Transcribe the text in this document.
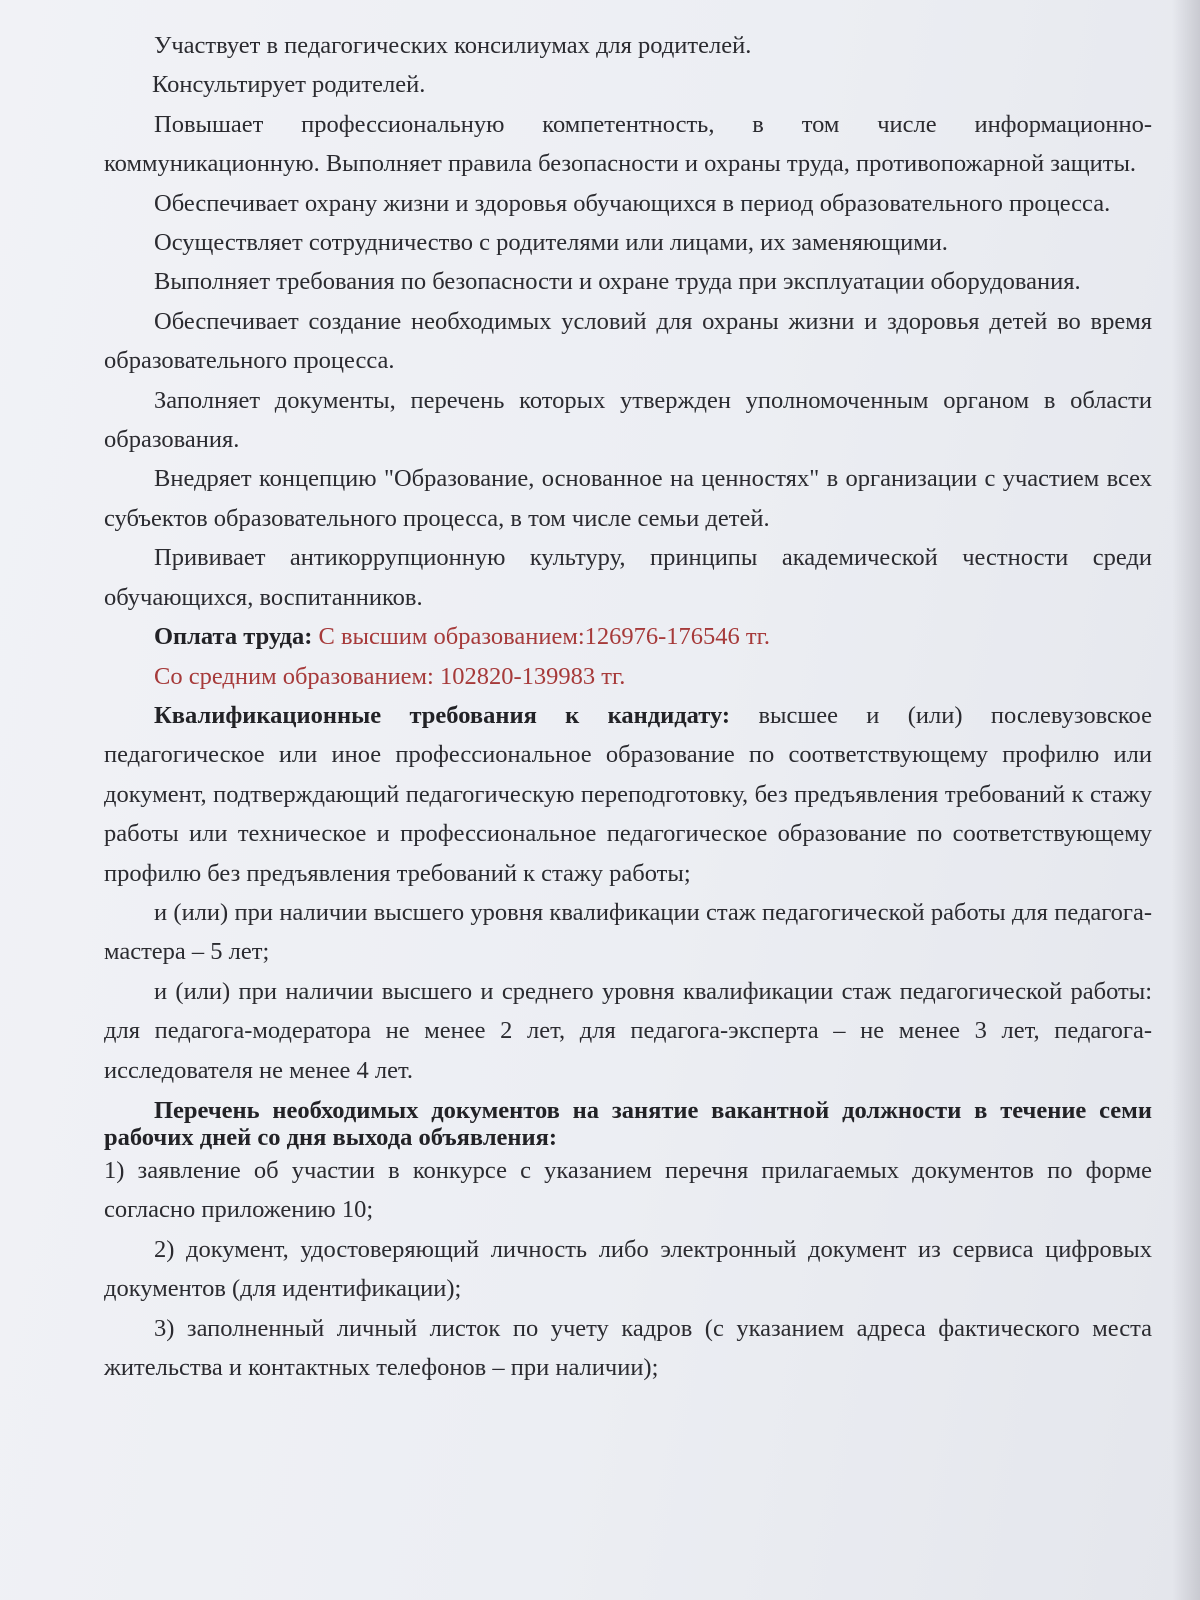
Участвует в педагогических консилиумах для родителей.

Консультирует родителей.

Повышает профессиональную компетентность, в том числе информационно-коммуникационную. Выполняет правила безопасности и охраны труда, противопожарной защиты.

Обеспечивает охрану жизни и здоровья обучающихся в период образовательного процесса.

Осуществляет сотрудничество с родителями или лицами, их заменяющими.

Выполняет требования по безопасности и охране труда при эксплуатации оборудования.

Обеспечивает создание необходимых условий для охраны жизни и здоровья детей во время образовательного процесса.

Заполняет документы, перечень которых утвержден уполномоченным органом в области образования.

Внедряет концепцию "Образование, основанное на ценностях" в организации с участием всех субъектов образовательного процесса, в том числе семьи детей.

Прививает антикоррупционную культуру, принципы академической честности среди обучающихся, воспитанников.

Оплата труда: С высшим образованием:126976-176546 тг.

Со средним образованием: 102820-139983 тг.

Квалификационные требования к кандидату: высшее и (или) послевузовское педагогическое или иное профессиональное образование по соответствующему профилю или документ, подтверждающий педагогическую переподготовку, без предъявления требований к стажу работы или техническое и профессиональное педагогическое образование по соответствующему профилю без предъявления требований к стажу работы;

и (или) при наличии высшего уровня квалификации стаж педагогической работы для педагога-мастера – 5 лет;

и (или) при наличии высшего и среднего уровня квалификации стаж педагогической работы: для педагога-модератора не менее 2 лет, для педагога-эксперта – не менее 3 лет, педагога-исследователя не менее 4 лет.

Перечень необходимых документов на занятие вакантной должности в течение семи рабочих дней со дня выхода объявления:

1) заявление об участии в конкурсе с указанием перечня прилагаемых документов по форме согласно приложению 10;

2) документ, удостоверяющий личность либо электронный документ из сервиса цифровых документов (для идентификации);

3) заполненный личный листок по учету кадров (с указанием адреса фактического места жительства и контактных телефонов – при наличии);
